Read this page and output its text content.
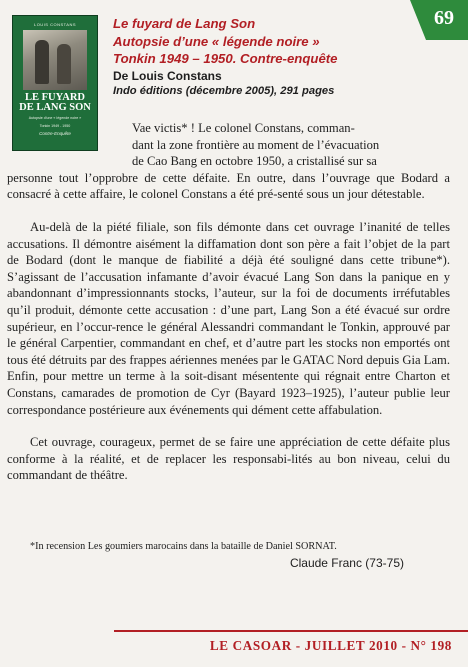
LOUIS CONSTANS
LE FUYARD
DE LANG SON
Autopsie d'une « légende noire »
Tonkin 1949 - 1950
Contre-Enquête
Le fuyard de Lang Son
Autopsie d’une « légende noire »
Tonkin 1949 – 1950. Contre-enquête
De Louis Constans
Indo éditions (décembre 2005), 291 pages
69

Vae victis* ! Le colonel Constans, comman-

dant la zone frontière au moment de l’évacuation

de Cao Bang en octobre 1950, a cristallisé sur sa

personne tout l’opprobre de cette défaite. En outre, dans l’ouvrage que Bodard a consacré à cette affaire, le colonel Constans a été pré-senté sous un jour détestable.

Au-delà de la piété filiale, son fils démonte dans cet ouvrage l’inanité de telles accusations. Il démontre aisément la diffamation dont son père a fait l’objet de la part de Bodard (dont le manque de fiabilité a déjà été souligné dans cette tribune*). S’agissant de l’accusation infamante d’avoir évacué Lang Son dans la panique en y abandonnant d’impressionnants stocks, l’auteur, sur la foi de documents irréfutables qu’il produit, démonte cette accusation : d’une part, Lang Son a été évacué sur ordre supérieur, en l’occur-rence le général Alessandri commandant le Tonkin, approuvé par le général Carpentier, commandant en chef, et d’autre part les stocks non emportés ont tous été détruits par des frappes aériennes menées par le GATAC Nord depuis Gia Lam. Enfin, pour mettre un terme à la soit-disant mésentente qui régnait entre Charton et Constans, camarades de promotion de Cyr (Bayard 1923–1925), l’auteur publie leur correspondance postérieure aux événements qui dément cette affabulation.

Cet ouvrage, courageux, permet de se faire une appréciation de cette défaite plus conforme à la réalité, et de replacer les responsabi-lités au bon niveau, celui du commandant de théâtre.

*In recension Les goumiers marocains dans la bataille de Daniel SORNAT.
Claude Franc (73-75)
LE CASOAR - JUILLET 2010 - N° 198
